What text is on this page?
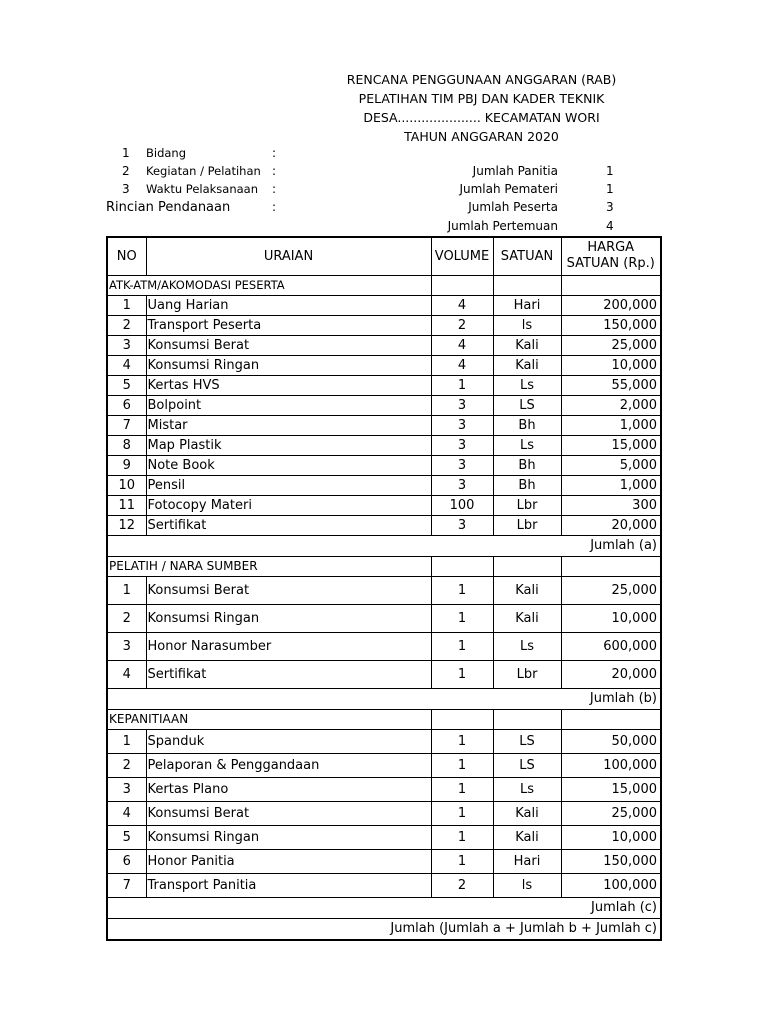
RENCANA PENGGUNAAN ANGGARAN (RAB)
PELATIHAN TIM PBJ DAN KADER TEKNIK
DESA..................... KECAMATAN WORI
TAHUN ANGGARAN 2020
1 Bidang	:
2 Kegiatan / Pelatihan :
3 Waktu Pelaksanaan :
Rincian Pendanaan	:
Jumlah Panitia	1
Jumlah Pemateri	1
Jumlah Peserta	3
Jumlah Pertemuan	4
NO	URAIAN	VOLUME	SATUAN	HARGA
SATUAN (Rp.)
ATK-ATM/AKOMODASI PESERTA				
1	Uang Harian	4	Hari	200,000
2	Transport Peserta	2	ls	150,000
3	Konsumsi Berat	4	Kali	25,000
4	Konsumsi Ringan	4	Kali	10,000
5	Kertas HVS	1	Ls	55,000
6	Bolpoint	3	LS	2,000
7	Mistar	3	Bh	1,000
8	Map Plastik	3	Ls	15,000
9	Note Book	3	Bh	5,000
10	Pensil	3	Bh	1,000
11	Fotocopy Materi	100	Lbr	300
12	Sertifikat	3	Lbr	20,000
				Jumlah (a)
PELATIH / NARA SUMBER				
1	Konsumsi Berat	1	Kali	25,000
2	Konsumsi Ringan	1	Kali	10,000
3	Honor Narasumber	1	Ls	600,000
4	Sertifikat	1	Lbr	20,000
				Jumlah (b)
KEPANITIAAN				
1	Spanduk	1	LS	50,000
2	Pelaporan & Penggandaan	1	LS	100,000
3	Kertas Plano	1	Ls	15,000
4	Konsumsi Berat	1	Kali	25,000
5	Konsumsi Ringan	1	Kali	10,000
6	Honor Panitia	1	Hari	150,000
7	Transport Panitia	2	ls	100,000
				Jumlah (c)
Jumlah (Jumlah a + Jumlah b + Jumlah c)				
